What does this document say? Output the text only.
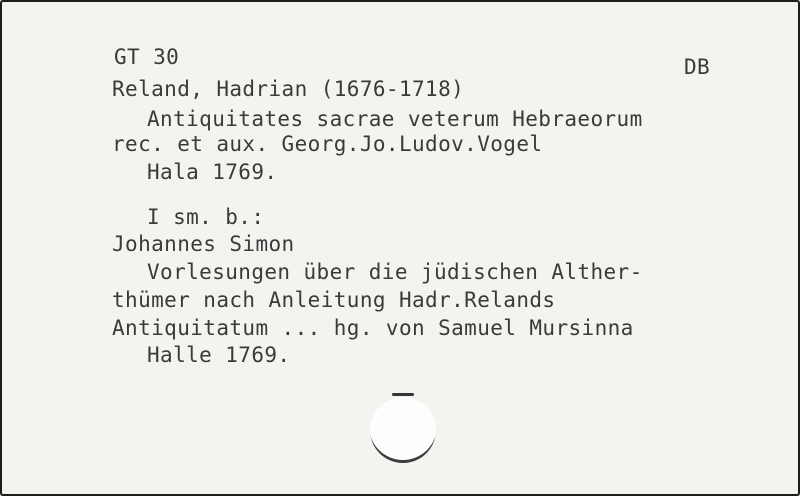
GT 30	DB
Reland, Hadrian (1676-1718)
Antiquitates sacrae veterum Hebraeorum
rec. et aux. Georg.Jo.Ludov.Vogel
Hala 1769.
I sm. b.:
Johannes Simon
Vorlesungen über die jüdischen Alther-
thümer nach Anleitung Hadr.Relands
Antiquitatum ... hg. von Samuel Mursinna
Halle 1769.
